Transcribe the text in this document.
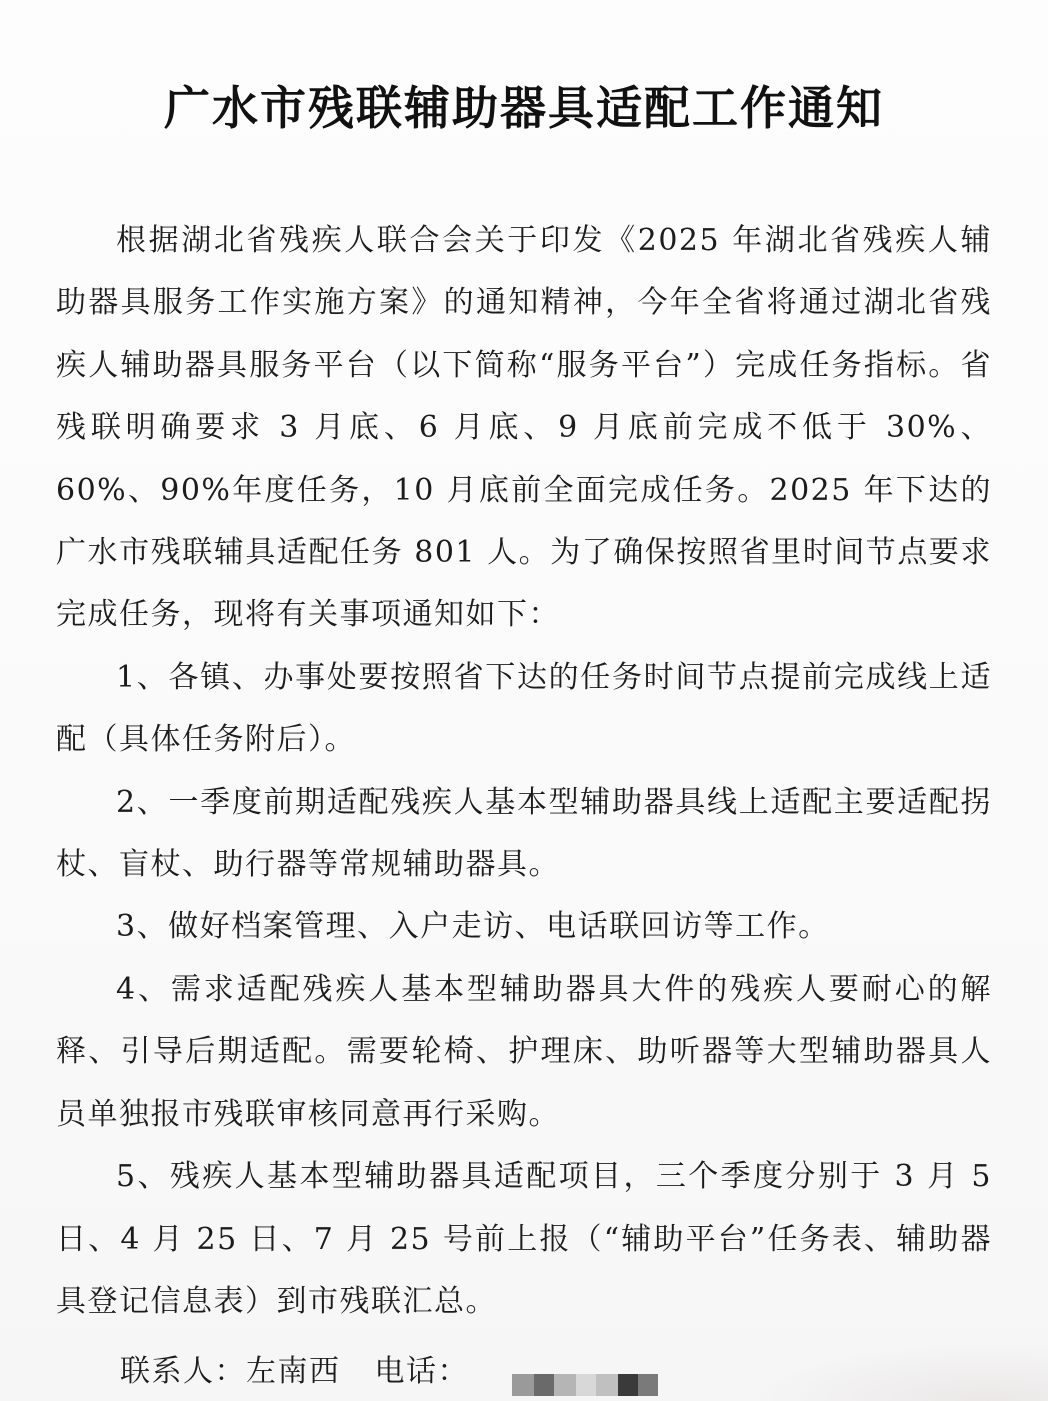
广水市残联辅助器具适配工作通知

根据湖北省残疾人联合会关于印发《2025 年湖北省残疾人辅助器具服务工作实施方案》的通知精神，今年全省将通过湖北省残疾人辅助器具服务平台（以下简称“服务平台”）完成任务指标。省残联明确要求 3 月底、6 月底、9 月底前完成不低于 30%、60%、90%年度任务，10 月底前全面完成任务。2025 年下达的广水市残联辅具适配任务 801 人。为了确保按照省里时间节点要求完成任务，现将有关事项通知如下：

1、各镇、办事处要按照省下达的任务时间节点提前完成线上适配（具体任务附后）。

2、一季度前期适配残疾人基本型辅助器具线上适配主要适配拐杖、盲杖、助行器等常规辅助器具。

3、做好档案管理、入户走访、电话联回访等工作。

4、需求适配残疾人基本型辅助器具大件的残疾人要耐心的解释、引导后期适配。需要轮椅、护理床、助听器等大型辅助器具人员单独报市残联审核同意再行采购。

5、残疾人基本型辅助器具适配项目，三个季度分别于 3 月 5 日、4 月 25 日、7 月 25 号前上报（“辅助平台”任务表、辅助器具登记信息表）到市残联汇总。

联系人：左南西 电话：
